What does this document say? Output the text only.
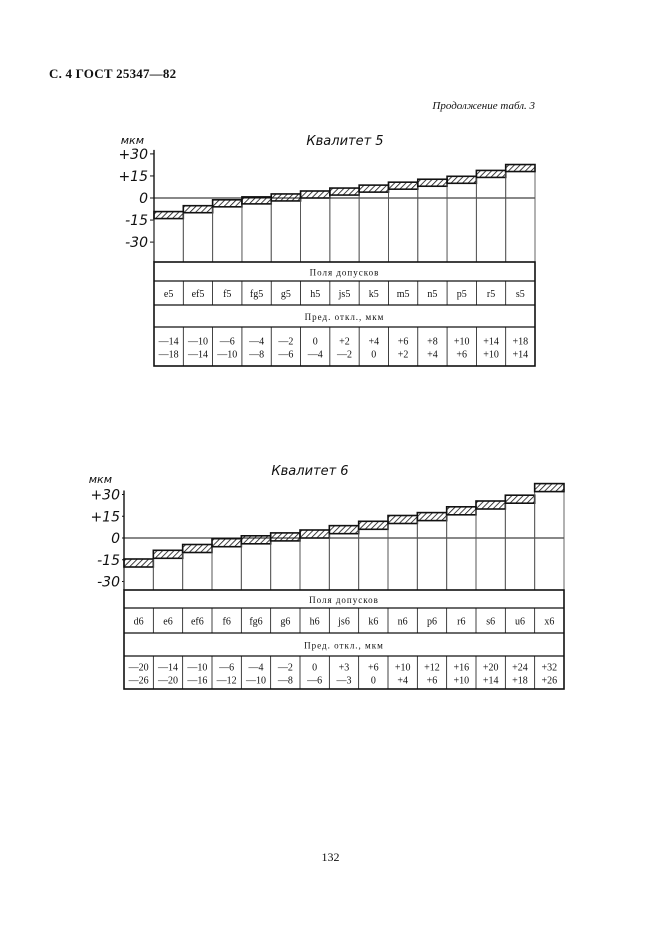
С. 4 ГОСТ 25347—82
Продолжение табл. 3
Квалитет 5
мкм
+30
+15
0
-15
-30
Поля допусков
Пред. откл., мкм
e5
—14
—18
ef5
—10
—14
f5
—6
—10
fg5
—4
—8
g5
—2
—6
h5
0
—4
js5
+2
—2
k5
+4
0
m5
+6
+2
n5
+8
+4
p5
+10
+6
r5
+14
+10
s5
+18
+14
Квалитет 6
мкм
+30
+15
0
-15
-30
Поля допусков
Пред. откл., мкм
d6
—20
—26
e6
—14
—20
ef6
—10
—16
f6
—6
—12
fg6
—4
—10
g6
—2
—8
h6
0
—6
js6
+3
—3
k6
+6
0
n6
+10
+4
p6
+12
+6
r6
+16
+10
s6
+20
+14
u6
+24
+18
x6
+32
+26
132
